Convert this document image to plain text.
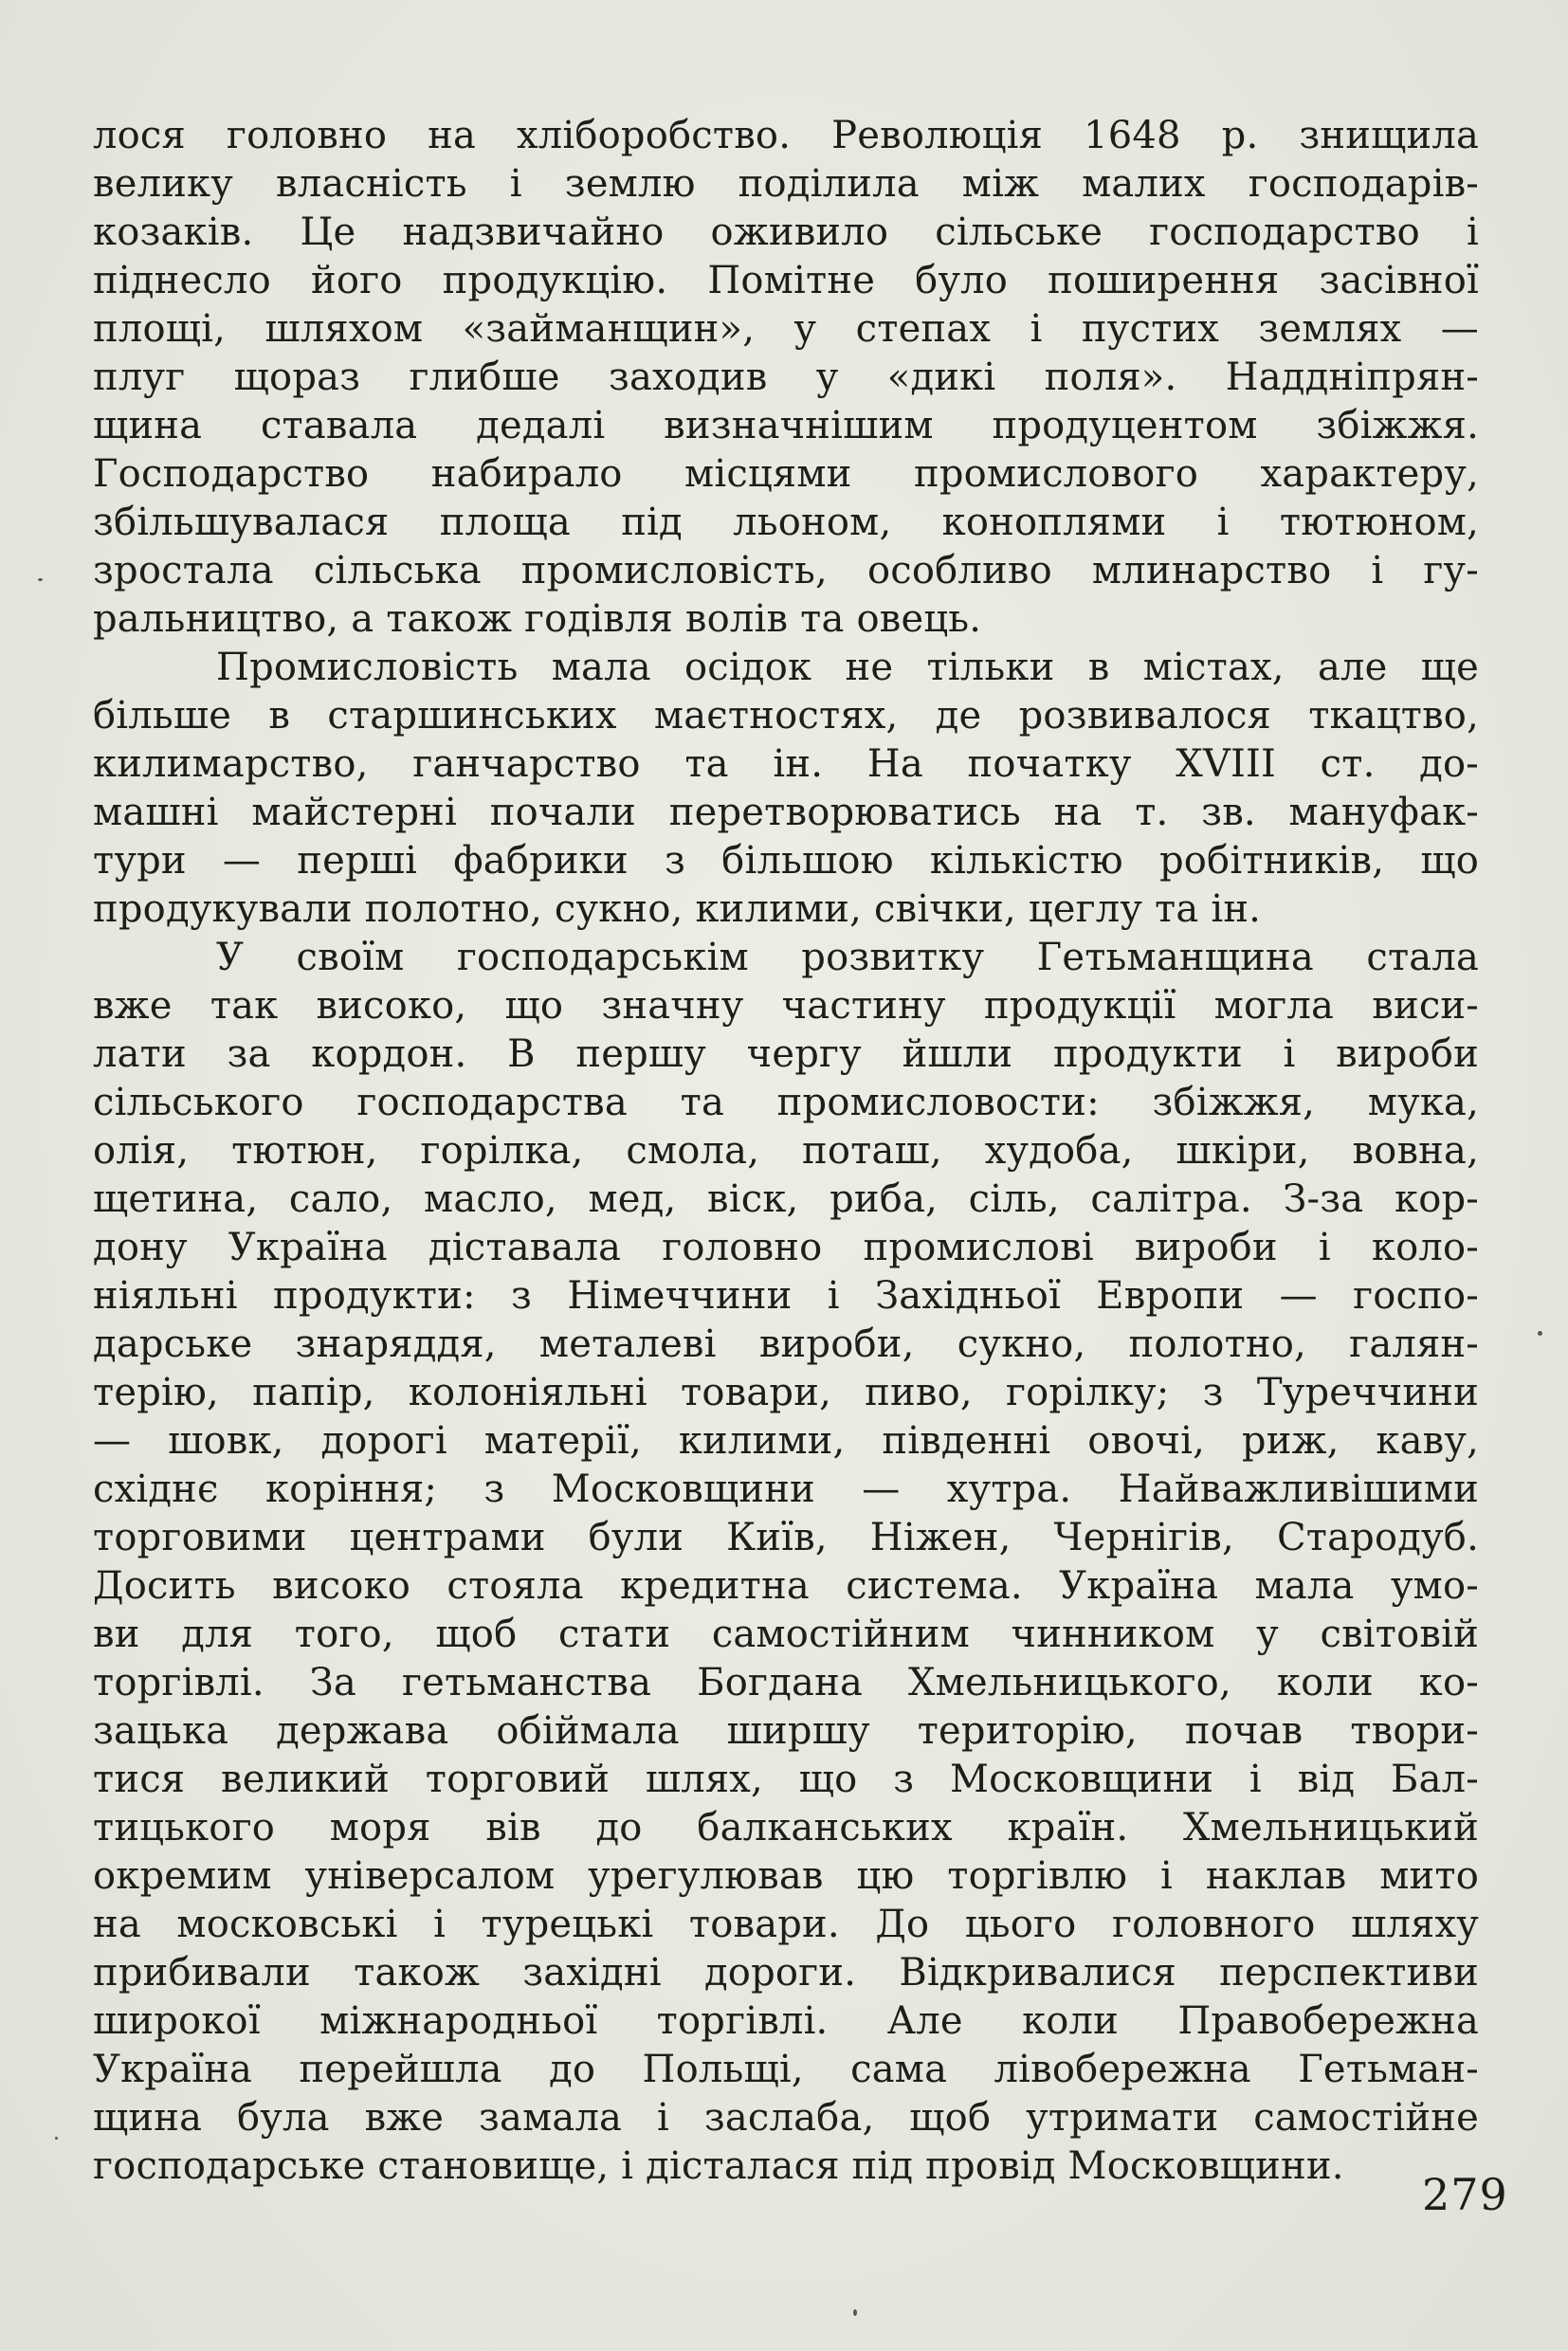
лося головно на хліборобство. Революція 1648 р. знищила
велику власність і землю поділила між малих господарів-
козаків. Це надзвичайно оживило сільське господарство і
піднесло його продукцію. Помітне було поширення засівної
площі, шляхом «займанщин», у степах і пустих землях —
плуг щораз глибше заходив у «дикі поля». Наддніпрян-
щина ставала дедалі визначнішим продуцентом збіжжя.
Господарство набирало місцями промислового характеру,
збільшувалася площа під льоном, коноплями і тютюном,
зростала сільська промисловість, особливо млинарство і гу-
ральництво, а також годівля волів та овець.
Промисловість мала осідок не тільки в містах, але ще
більше в старшинських маєтностях, де розвивалося ткацтво,
килимарство, ганчарство та ін. На початку XVIII ст. до-
машні майстерні почали перетворюватись на т. зв. мануфак-
тури — перші фабрики з більшою кількістю робітників, що
продукували полотно, сукно, килими, свічки, цеглу та ін.
У своїм господарськім розвитку Гетьманщина стала
вже так високо, що значну частину продукції могла виси-
лати за кордон. В першу чергу йшли продукти і вироби
сільського господарства та промисловости: збіжжя, мука,
олія, тютюн, горілка, смола, поташ, худоба, шкіри, вовна,
щетина, сало, масло, мед, віск, риба, сіль, салітра. З-за кор-
дону Україна діставала головно промислові вироби і коло-
ніяльні продукти: з Німеччини і Західньої Европи — госпо-
дарське знаряддя, металеві вироби, сукно, полотно, галян-
терію, папір, колоніяльні товари, пиво, горілку; з Туреччини
— шовк, дорогі матерії, килими, південні овочі, риж, каву,
східнє коріння; з Московщини — хутра. Найважливішими
торговими центрами були Київ, Ніжен, Чернігів, Стародуб.
Досить високо стояла кредитна система. Україна мала умо-
ви для того, щоб стати самостійним чинником у світовій
торгівлі. За гетьманства Богдана Хмельницького, коли ко-
зацька держава обіймала ширшу територію, почав твори-
тися великий торговий шлях, що з Московщини і від Бал-
тицького моря вів до балканських країн. Хмельницький
окремим універсалом урегулював цю торгівлю і наклав мито
на московські і турецькі товари. До цього головного шляху
прибивали також західні дороги. Відкривалися перспективи
широкої міжнародньої торгівлі. Але коли Правобережна
Україна перейшла до Польщі, сама лівобережна Гетьман-
щина була вже замала і заслаба, щоб утримати самостійне
господарське становище, і дісталася під провід Московщини.
279
